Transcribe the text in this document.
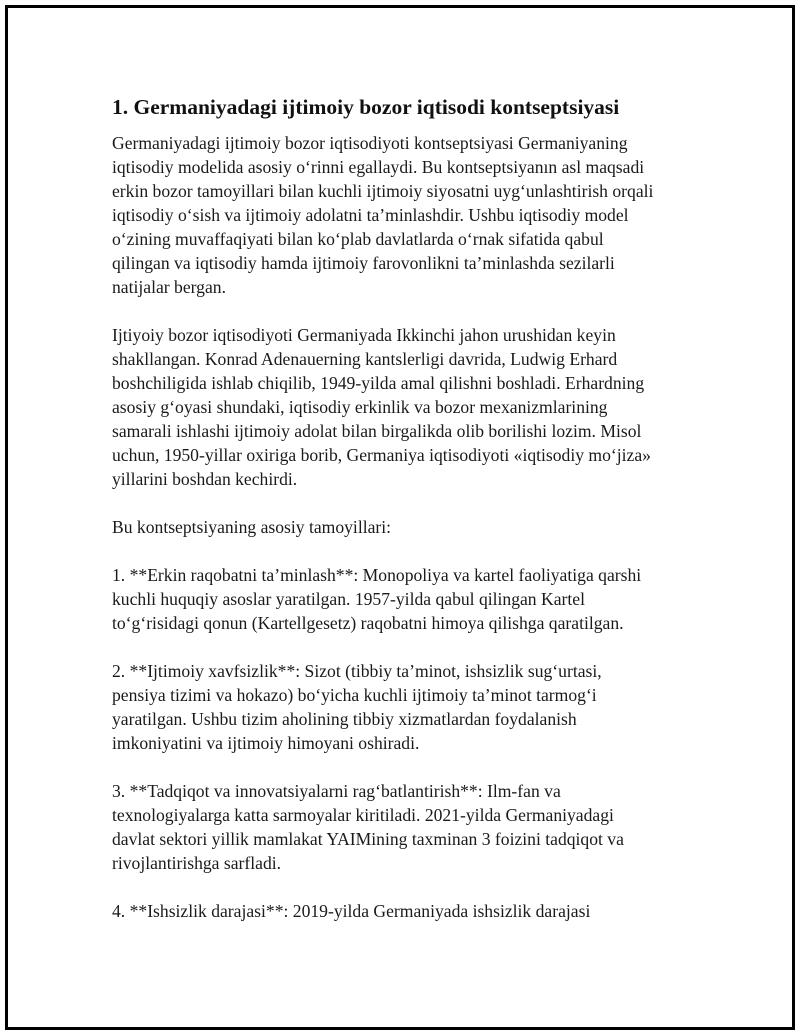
1. Germaniyadagi ijtimoiy bozor iqtisodi kontseptsiyasi
Germaniyadagi ijtimoiy bozor iqtisodiyoti kontseptsiyasi Germaniyaning
iqtisodiy modelida asosiy o‘rinni egallaydi. Bu kontseptsiyanın asl maqsadi
erkin bozor tamoyillari bilan kuchli ijtimoiy siyosatni uyg‘unlashtirish orqali
iqtisodiy o‘sish va ijtimoiy adolatni ta’minlashdir. Ushbu iqtisodiy model
o‘zining muvaffaqiyati bilan ko‘plab davlatlarda o‘rnak sifatida qabul
qilingan va iqtisodiy hamda ijtimoiy farovonlikni ta’minlashda sezilarli
natijalar bergan.
Ijtiyoiy bozor iqtisodiyoti Germaniyada Ikkinchi jahon urushidan keyin
shakllangan. Konrad Adenauerning kantslerligi davrida, Ludwig Erhard
boshchiligida ishlab chiqilib, 1949-yilda amal qilishni boshladi. Erhardning
asosiy g‘oyasi shundaki, iqtisodiy erkinlik va bozor mexanizmlarining
samarali ishlashi ijtimoiy adolat bilan birgalikda olib borilishi lozim. Misol
uchun, 1950-yillar oxiriga borib, Germaniya iqtisodiyoti «iqtisodiy mo‘jiza»
yillarini boshdan kechirdi.
Bu kontseptsiyaning asosiy tamoyillari:
1. **Erkin raqobatni ta’minlash**: Monopoliya va kartel faoliyatiga qarshi
kuchli huquqiy asoslar yaratilgan. 1957-yilda qabul qilingan Kartel
to‘g‘risidagi qonun (Kartellgesetz) raqobatni himoya qilishga qaratilgan.
2. **Ijtimoiy xavfsizlik**: Sizot (tibbiy ta’minot, ishsizlik sug‘urtasi,
pensiya tizimi va hokazo) bo‘yicha kuchli ijtimoiy ta’minot tarmog‘i
yaratilgan. Ushbu tizim aholining tibbiy xizmatlardan foydalanish
imkoniyatini va ijtimoiy himoyani oshiradi.
3. **Tadqiqot va innovatsiyalarni rag‘batlantirish**: Ilm-fan va
texnologiyalarga katta sarmoyalar kiritiladi. 2021-yilda Germaniyadagi
davlat sektori yillik mamlakat YAIMining taxminan 3 foizini tadqiqot va
rivojlantirishga sarfladi.
4. **Ishsizlik darajasi**: 2019-yilda Germaniyada ishsizlik darajasi
